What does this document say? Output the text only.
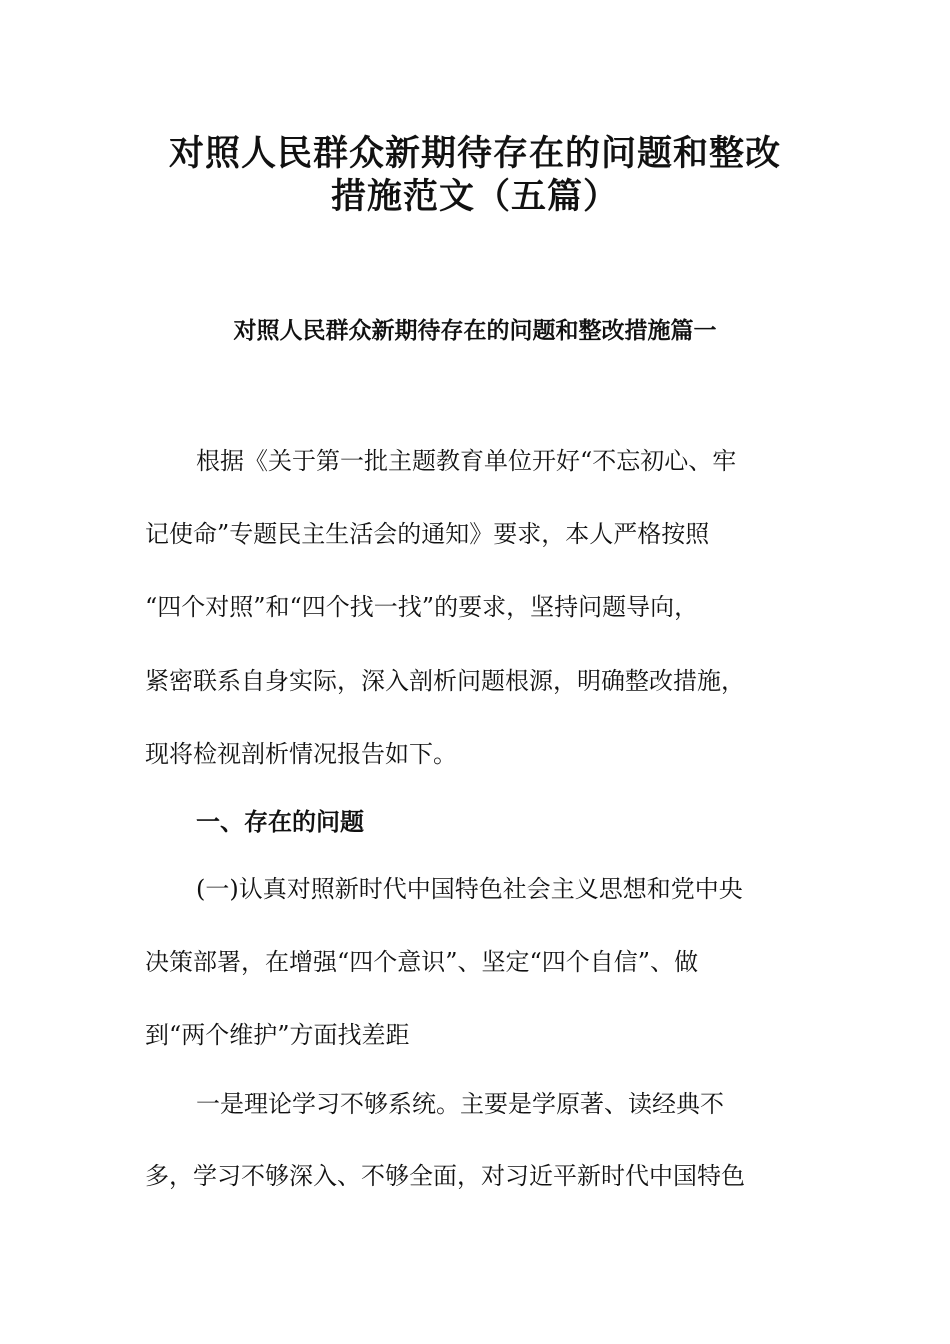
对照人民群众新期待存在的问题和整改
措施范文（五篇）
对照人民群众新期待存在的问题和整改措施篇一
根据《关于第一批主题教育单位开好“不忘初心、牢
记使命”专题民主生活会的通知》要求，本人严格按照
“四个对照”和“四个找一找”的要求，坚持问题导向，
紧密联系自身实际，深入剖析问题根源，明确整改措施，
现将检视剖析情况报告如下。
一、存在的问题
(一)认真对照新时代中国特色社会主义思想和党中央
决策部署，在增强“四个意识”、坚定“四个自信”、做
到“两个维护”方面找差距
一是理论学习不够系统。主要是学原著、读经典不
多，学习不够深入、不够全面，对习近平新时代中国特色
